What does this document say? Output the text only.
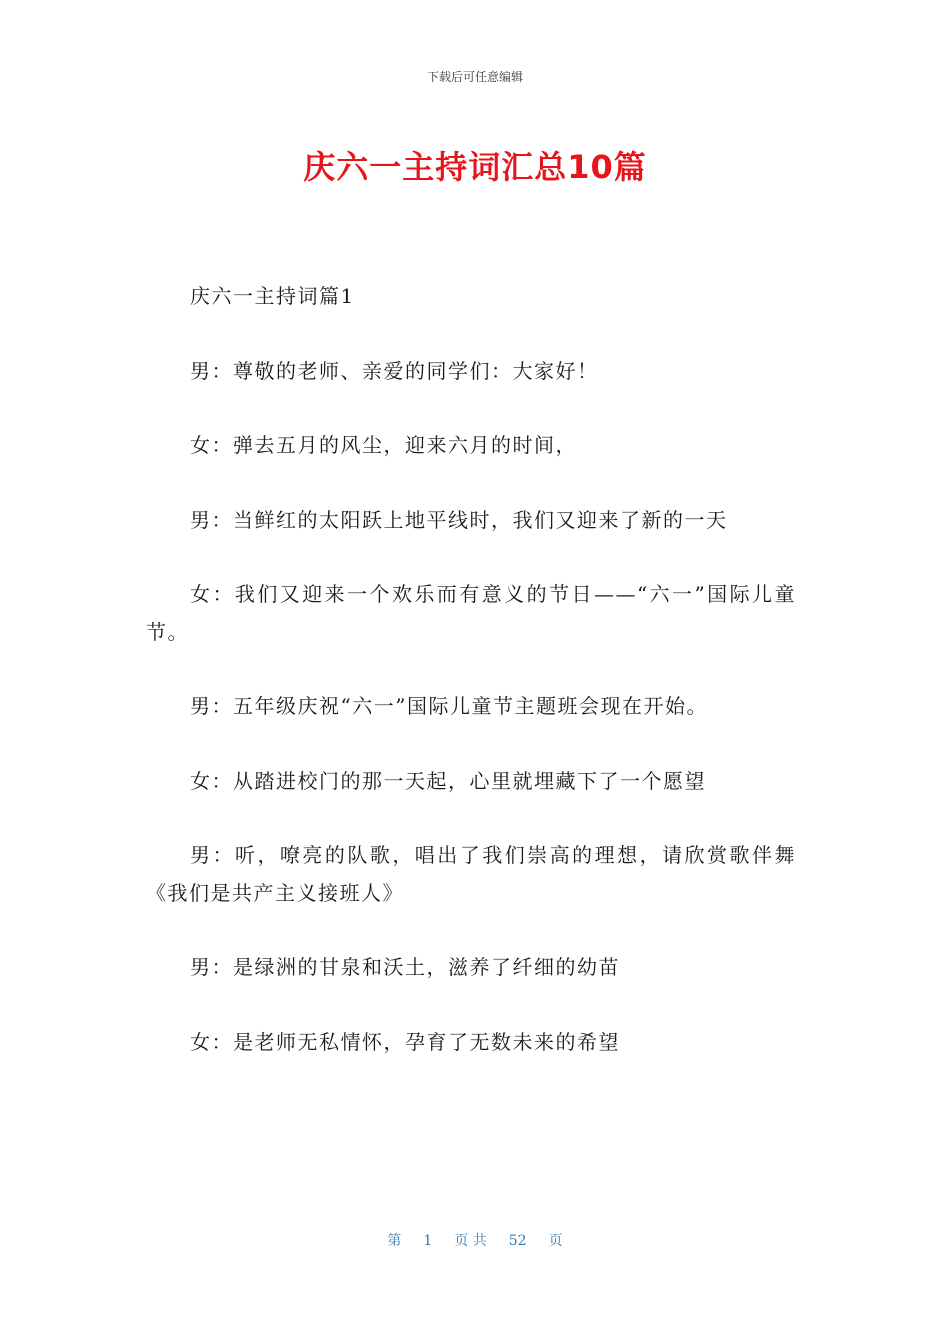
下载后可任意编辑
庆六一主持词汇总10篇

庆六一主持词篇1

男：尊敬的老师、亲爱的同学们：大家好！

女：弹去五月的风尘，迎来六月的时间，

男：当鲜红的太阳跃上地平线时，我们又迎来了新的一天

女：我们又迎来一个欢乐而有意义的节日——“六一”国际儿童节。

男：五年级庆祝“六一”国际儿童节主题班会现在开始。

女：从踏进校门的那一天起，心里就埋藏下了一个愿望

男：听，嘹亮的队歌，唱出了我们崇高的理想，请欣赏歌伴舞《我们是共产主义接班人》

男：是绿洲的甘泉和沃土，滋养了纤细的幼苗

女：是老师无私情怀，孕育了无数未来的希望

第 1 页 共 52 页
